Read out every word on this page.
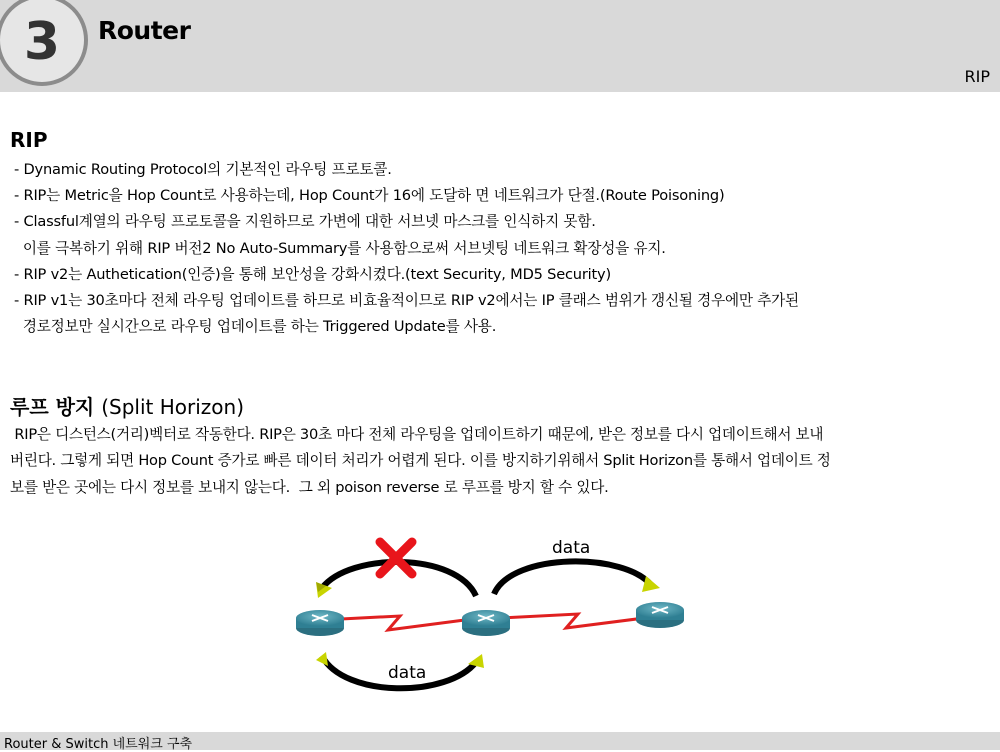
3	Router
RIP
RIP
- Dynamic Routing Protocol의 기본적인 라우팅 프로토콜.
- RIP는 Metric을 Hop Count로 사용하는데, Hop Count가 16에 도달하 면 네트워크가 단절.(Route Poisoning)
- Classful계열의 라우팅 프로토콜을 지원하므로 가변에 대한 서브넷 마스크를 인식하지 못함.
이를 극복하기 위해 RIP 버전2 No Auto-Summary를 사용함으로써 서브넷팅 네트워크 확장성을 유지.
- RIP v2는 Authetication(인증)을 통해 보안성을 강화시켰다.(text Security, MD5 Security)
- RIP v1는 30초마다 전체 라우팅 업데이트를 하므로 비효율적이므로 RIP v2에서는 IP 클래스 범위가 갱신될 경우에만 추가된
경로정보만 실시간으로 라우팅 업데이트를 하는 Triggered Update를 사용.
루프 방지 (Split Horizon)
RIP은 디스턴스(거리)벡터로 작동한다. RIP은 30초 마다 전체 라우팅을 업데이트하기 때문에, 받은 정보를 다시 업데이트해서 보내
버린다. 그렇게 되면 Hop Count 증가로 빠른 데이터 처리가 어렵게 된다. 이를 방지하기위해서 Split Horizon를 통해서 업데이트 정
보를 받은 곳에는 다시 정보를 보내지 않는다.  그 외 poison reverse 로 루프를 방지 할 수 있다.
data
data
Router & Switch 네트워크 구축
